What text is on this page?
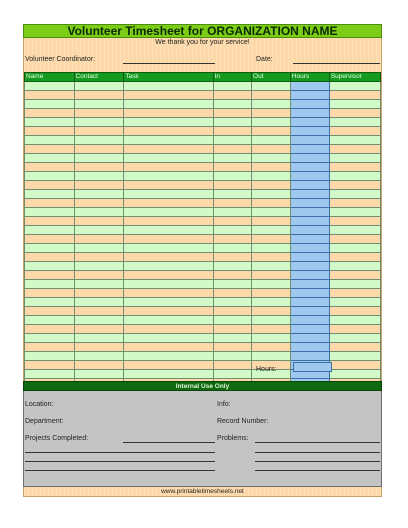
Volunteer Timesheet for ORGANIZATION NAME
We thank you for your service!
Volunteer Coordinator:	Date:
Name	Contact	Task	In	Out	Hours	Supervisor

Hours:
Internal Use Only
Location:	Info:
Department:	Record Number:
Projects Completed:	Problems:
www.printabletimesheets.net
